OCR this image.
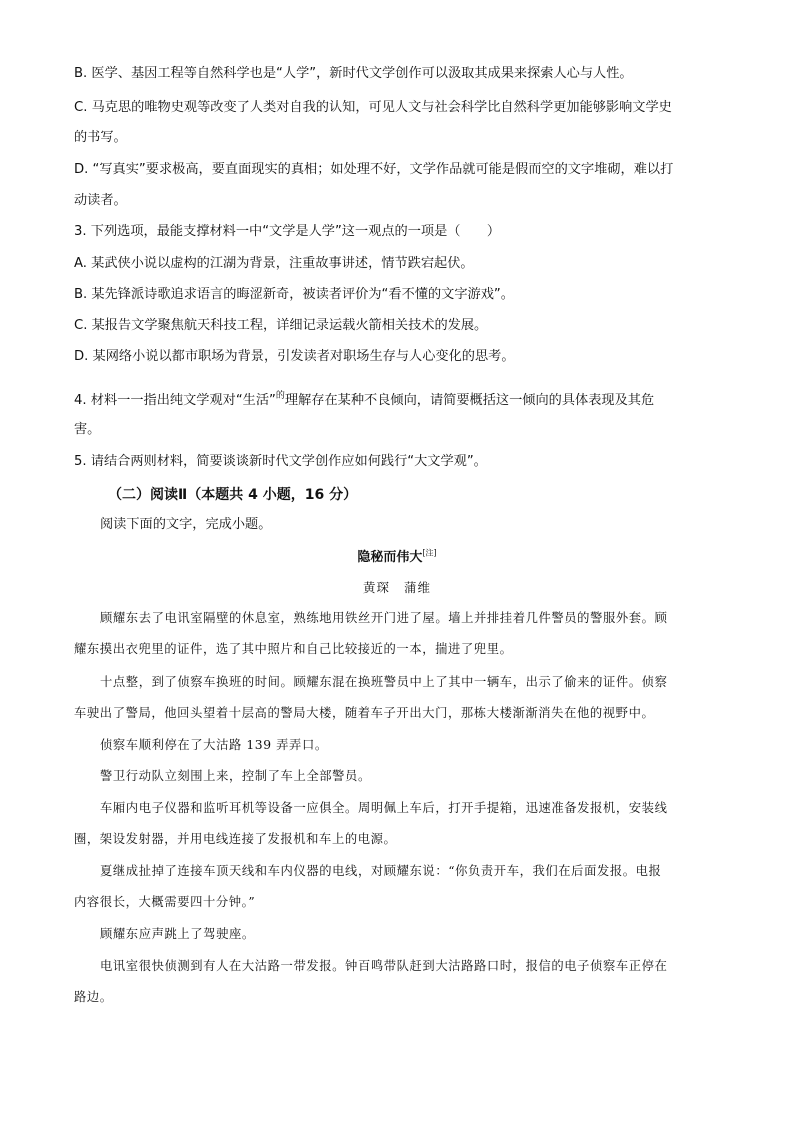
B. 医学、基因工程等自然科学也是“人学”，新时代文学创作可以汲取其成果来探索人心与人性。
C. 马克思的唯物史观等改变了人类对自我的认知，可见人文与社会科学比自然科学更加能够影响文学史
的书写。
D. “写真实”要求极高，要直面现实的真相；如处理不好，文学作品就可能是假而空的文字堆砌，难以打
动读者。
3. 下列选项，最能支撑材料一中“文学是人学”这一观点的一项是（　　）
A. 某武侠小说以虚构的江湖为背景，注重故事讲述，情节跌宕起伏。
B. 某先锋派诗歌追求语言的晦涩新奇，被读者评价为“看不懂的文字游戏”。
C. 某报告文学聚焦航天科技工程，详细记录运载火箭相关技术的发展。
D. 某网络小说以都市职场为背景，引发读者对职场生存与人心变化的思考。
4. 材料一一指出纯文学观对“生活”$^的$理解存在某种不良倾向，请简要概括这一倾向的具体表现及其危
害。
5. 请结合两则材料，简要谈谈新时代文学创作应如何践行“大文学观”。
（二）阅读Ⅱ（本题共 4 小题，16 分）
阅读下面的文字，完成小题。
隐秘而伟大[注]
黄琛 蒲维
顾耀东去了电讯室隔壁的休息室，熟练地用铁丝开门进了屋。墙上并排挂着几件警员的警服外套。顾
耀东摸出衣兜里的证件，选了其中照片和自己比较接近的一本，揣进了兜里。
十点整，到了侦察车换班的时间。顾耀东混在换班警员中上了其中一辆车，出示了偷来的证件。侦察
车驶出了警局，他回头望着十层高的警局大楼，随着车子开出大门，那栋大楼渐渐消失在他的视野中。
侦察车顺利停在了大沽路 139 弄弄口。
警卫行动队立刻围上来，控制了车上全部警员。
车厢内电子仪器和监听耳机等设备一应俱全。周明佩上车后，打开手提箱，迅速准备发报机，安装线
圈，架设发射器，并用电线连接了发报机和车上的电源。
夏继成扯掉了连接车顶天线和车内仪器的电线，对顾耀东说：“你负责开车，我们在后面发报。电报
内容很长，大概需要四十分钟。”
顾耀东应声跳上了驾驶座。
电讯室很快侦测到有人在大沽路一带发报。钟百鸣带队赶到大沽路路口时，报信的电子侦察车正停在
路边。
